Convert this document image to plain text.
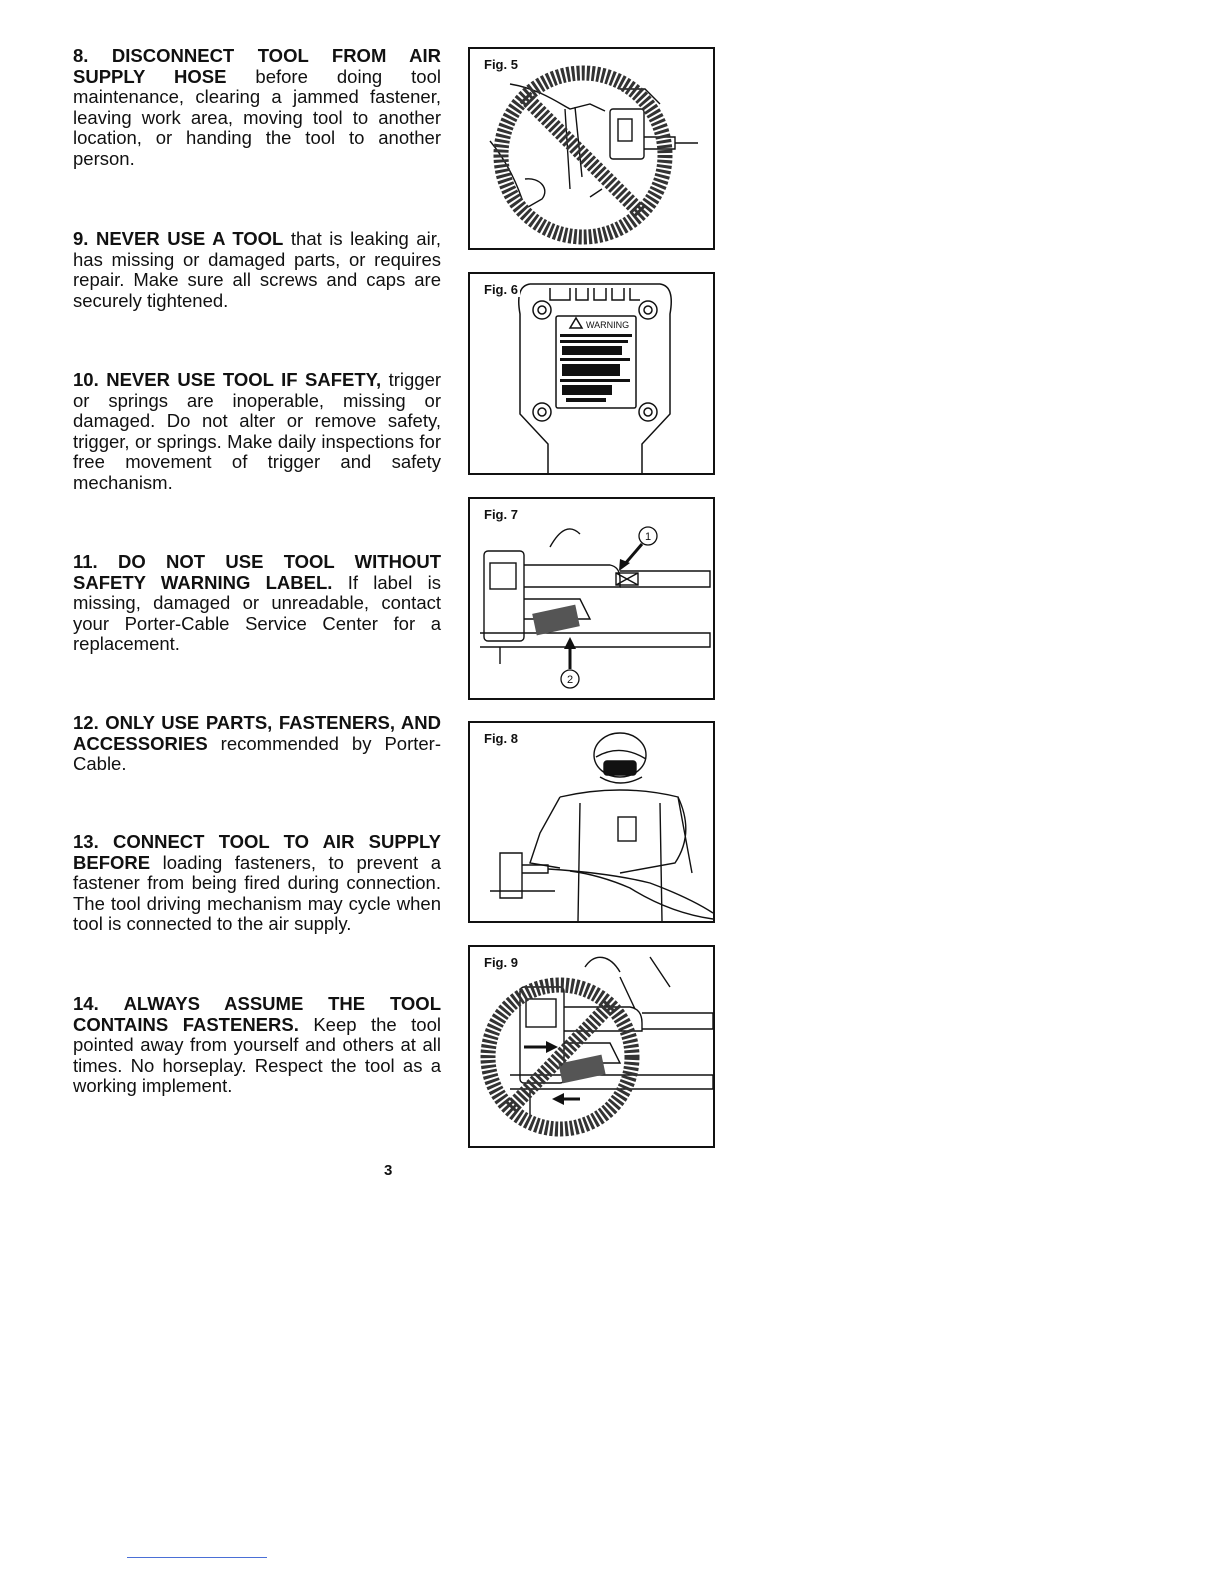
8. DISCONNECT TOOL FROM AIR SUPPLY HOSE before doing tool maintenance, clearing a jammed fastener, leaving work area, moving tool to another location, or handing the tool to another person.

9. NEVER USE A TOOL that is leaking air, has missing or damaged parts, or requires repair. Make sure all screws and caps are securely tightened.

10. NEVER USE TOOL IF SAFETY, trigger or springs are inoperable, missing or damaged. Do not alter or remove safety, trigger, or springs. Make daily inspections for free movement of trigger and safety mechanism.

11. DO NOT USE TOOL WITHOUT SAFETY WARNING LABEL. If label is missing, damaged or unreadable, contact your Porter-Cable Service Center for a replacement.

12. ONLY USE PARTS, FASTENERS, AND ACCESSORIES recommended by Porter-Cable.

13. CONNECT TOOL TO AIR SUPPLY BEFORE loading fasteners, to prevent a fastener from being fired during connection. The tool driving mechanism may cycle when tool is connected to the air supply.

14. ALWAYS ASSUME THE TOOL CONTAINS FASTENERS. Keep the tool pointed away from yourself and others at all times. No horseplay. Respect the tool as a working implement.

Fig. 5
Fig. 6
WARNING
Fig. 7
1
2
Fig. 8
Fig. 9
3
